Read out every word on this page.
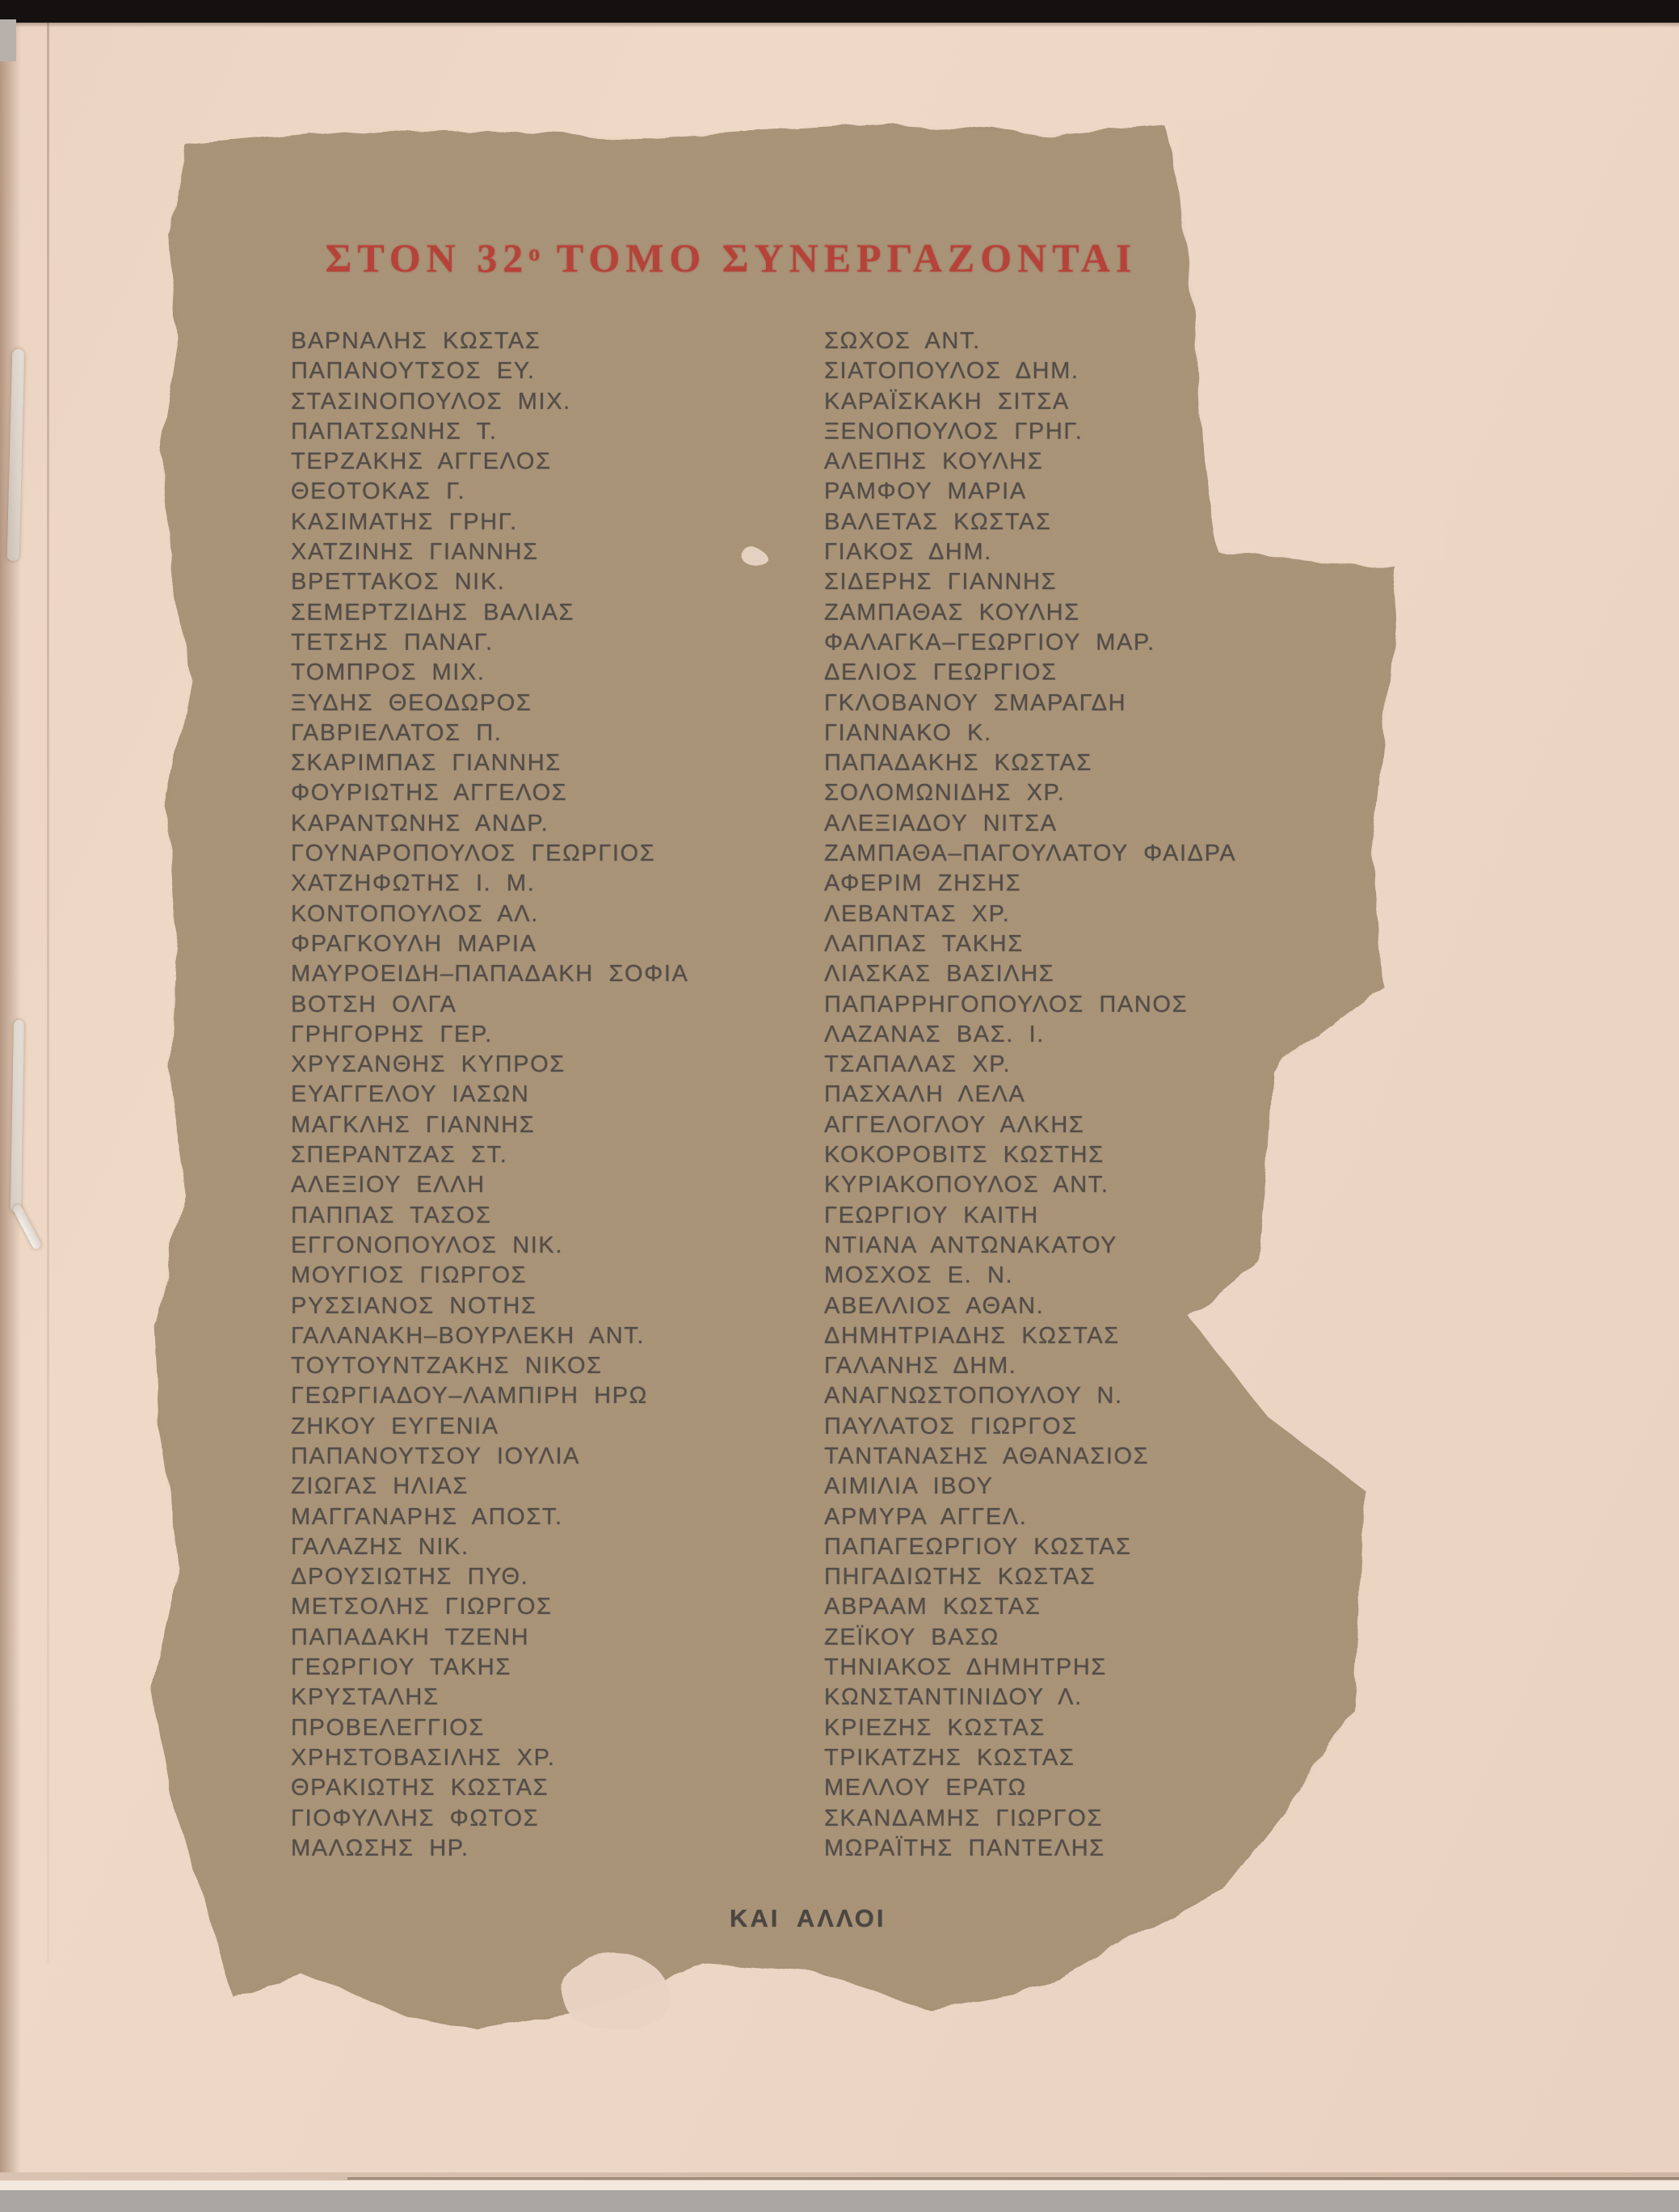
ΣΤΟΝ $32^o$ ΤΟΜΟ ΣΥΝΕΡΓΑΖΟΝΤΑΙ
ΒΑΡΝΑΛΗΣ ΚΩΣΤΑΣ
ΠΑΠΑΝΟΥΤΣΟΣ ΕΥ.
ΣΤΑΣΙΝΟΠΟΥΛΟΣ ΜΙΧ.
ΠΑΠΑΤΣΩΝΗΣ Τ.
ΤΕΡΖΑΚΗΣ ΑΓΓΕΛΟΣ
ΘΕΟΤΟΚΑΣ Γ.
ΚΑΣΙΜΑΤΗΣ ΓΡΗΓ.
ΧΑΤΖΙΝΗΣ ΓΙΑΝΝΗΣ
ΒΡΕΤΤΑΚΟΣ ΝΙΚ.
ΣΕΜΕΡΤΖΙΔΗΣ ΒΑΛΙΑΣ
ΤΕΤΣΗΣ ΠΑΝΑΓ.
ΤΟΜΠΡΟΣ ΜΙΧ.
ΞΥΔΗΣ ΘΕΟΔΩΡΟΣ
ΓΑΒΡΙΕΛΑΤΟΣ Π.
ΣΚΑΡΙΜΠΑΣ ΓΙΑΝΝΗΣ
ΦΟΥΡΙΩΤΗΣ ΑΓΓΕΛΟΣ
ΚΑΡΑΝΤΩΝΗΣ ΑΝΔΡ.
ΓΟΥΝΑΡΟΠΟΥΛΟΣ ΓΕΩΡΓΙΟΣ
ΧΑΤΖΗΦΩΤΗΣ Ι. Μ.
ΚΟΝΤΟΠΟΥΛΟΣ ΑΛ.
ΦΡΑΓΚΟΥΛΗ ΜΑΡΙΑ
ΜΑΥΡΟΕΙΔΗ–ΠΑΠΑΔΑΚΗ ΣΟΦΙΑ
ΒΟΤΣΗ ΟΛΓΑ
ΓΡΗΓΟΡΗΣ ΓΕΡ.
ΧΡΥΣΑΝΘΗΣ ΚΥΠΡΟΣ
ΕΥΑΓΓΕΛΟΥ ΙΑΣΩΝ
ΜΑΓΚΛΗΣ ΓΙΑΝΝΗΣ
ΣΠΕΡΑΝΤΖΑΣ ΣΤ.
ΑΛΕΞΙΟΥ ΕΛΛΗ
ΠΑΠΠΑΣ ΤΑΣΟΣ
ΕΓΓΟΝΟΠΟΥΛΟΣ ΝΙΚ.
ΜΟΥΓΙΟΣ ΓΙΩΡΓΟΣ
ΡΥΣΣΙΑΝΟΣ ΝΟΤΗΣ
ΓΑΛΑΝΑΚΗ–ΒΟΥΡΛΕΚΗ ΑΝΤ.
ΤΟΥΤΟΥΝΤΖΑΚΗΣ ΝΙΚΟΣ
ΓΕΩΡΓΙΑΔΟΥ–ΛΑΜΠΙΡΗ ΗΡΩ
ΖΗΚΟΥ ΕΥΓΕΝΙΑ
ΠΑΠΑΝΟΥΤΣΟΥ ΙΟΥΛΙΑ
ΖΙΩΓΑΣ ΗΛΙΑΣ
ΜΑΓΓΑΝΑΡΗΣ ΑΠΟΣΤ.
ΓΑΛΑΖΗΣ ΝΙΚ.
ΔΡΟΥΣΙΩΤΗΣ ΠΥΘ.
ΜΕΤΣΟΛΗΣ ΓΙΩΡΓΟΣ
ΠΑΠΑΔΑΚΗ ΤΖΕΝΗ
ΓΕΩΡΓΙΟΥ ΤΑΚΗΣ
ΚΡΥΣΤΑΛΗΣ
ΠΡΟΒΕΛΕΓΓΙΟΣ
ΧΡΗΣΤΟΒΑΣΙΛΗΣ ΧΡ.
ΘΡΑΚΙΩΤΗΣ ΚΩΣΤΑΣ
ΓΙΟΦΥΛΛΗΣ ΦΩΤΟΣ
ΜΑΛΩΣΗΣ ΗΡ.
ΣΩΧΟΣ ΑΝΤ.
ΣΙΑΤΟΠΟΥΛΟΣ ΔΗΜ.
ΚΑΡΑΪΣΚΑΚΗ ΣΙΤΣΑ
ΞΕΝΟΠΟΥΛΟΣ ΓΡΗΓ.
ΑΛΕΠΗΣ ΚΟΥΛΗΣ
ΡΑΜΦΟΥ ΜΑΡΙΑ
ΒΑΛΕΤΑΣ ΚΩΣΤΑΣ
ΓΙΑΚΟΣ ΔΗΜ.
ΣΙΔΕΡΗΣ ΓΙΑΝΝΗΣ
ΖΑΜΠΑΘΑΣ ΚΟΥΛΗΣ
ΦΑΛΑΓΚΑ–ΓΕΩΡΓΙΟΥ ΜΑΡ.
ΔΕΛΙΟΣ ΓΕΩΡΓΙΟΣ
ΓΚΛΟΒΑΝΟΥ ΣΜΑΡΑΓΔΗ
ΓΙΑΝΝΑΚΟ Κ.
ΠΑΠΑΔΑΚΗΣ ΚΩΣΤΑΣ
ΣΟΛΟΜΩΝΙΔΗΣ ΧΡ.
ΑΛΕΞΙΑΔΟΥ ΝΙΤΣΑ
ΖΑΜΠΑΘΑ–ΠΑΓΟΥΛΑΤΟΥ ΦΑΙΔΡΑ
ΑΦΕΡΙΜ ΖΗΣΗΣ
ΛΕΒΑΝΤΑΣ ΧΡ.
ΛΑΠΠΑΣ ΤΑΚΗΣ
ΛΙΑΣΚΑΣ ΒΑΣΙΛΗΣ
ΠΑΠΑΡΡΗΓΟΠΟΥΛΟΣ ΠΑΝΟΣ
ΛΑΖΑΝΑΣ ΒΑΣ. Ι.
ΤΣΑΠΑΛΑΣ ΧΡ.
ΠΑΣΧΑΛΗ ΛΕΛΑ
ΑΓΓΕΛΟΓΛΟΥ ΑΛΚΗΣ
ΚΟΚΟΡΟΒΙΤΣ ΚΩΣΤΗΣ
ΚΥΡΙΑΚΟΠΟΥΛΟΣ ΑΝΤ.
ΓΕΩΡΓΙΟΥ ΚΑΙΤΗ
ΝΤΙΑΝΑ ΑΝΤΩΝΑΚΑΤΟΥ
ΜΟΣΧΟΣ Ε. Ν.
ΑΒΕΛΛΙΟΣ ΑΘΑΝ.
ΔΗΜΗΤΡΙΑΔΗΣ ΚΩΣΤΑΣ
ΓΑΛΑΝΗΣ ΔΗΜ.
ΑΝΑΓΝΩΣΤΟΠΟΥΛΟΥ Ν.
ΠΑΥΛΑΤΟΣ ΓΙΩΡΓΟΣ
ΤΑΝΤΑΝΑΣΗΣ ΑΘΑΝΑΣΙΟΣ
ΑΙΜΙΛΙΑ ΙΒΟΥ
ΑΡΜΥΡΑ ΑΓΓΕΛ.
ΠΑΠΑΓΕΩΡΓΙΟΥ ΚΩΣΤΑΣ
ΠΗΓΑΔΙΩΤΗΣ ΚΩΣΤΑΣ
ΑΒΡΑΑΜ ΚΩΣΤΑΣ
ΖΕΪΚΟΥ ΒΑΣΩ
ΤΗΝΙΑΚΟΣ ΔΗΜΗΤΡΗΣ
ΚΩΝΣΤΑΝΤΙΝΙΔΟΥ Λ.
ΚΡΙΕΖΗΣ ΚΩΣΤΑΣ
ΤΡΙΚΑΤΖΗΣ ΚΩΣΤΑΣ
ΜΕΛΛΟΥ ΕΡΑΤΩ
ΣΚΑΝΔΑΜΗΣ ΓΙΩΡΓΟΣ
ΜΩΡΑΪΤΗΣ ΠΑΝΤΕΛΗΣ
ΚΑΙ ΑΛΛΟΙ
